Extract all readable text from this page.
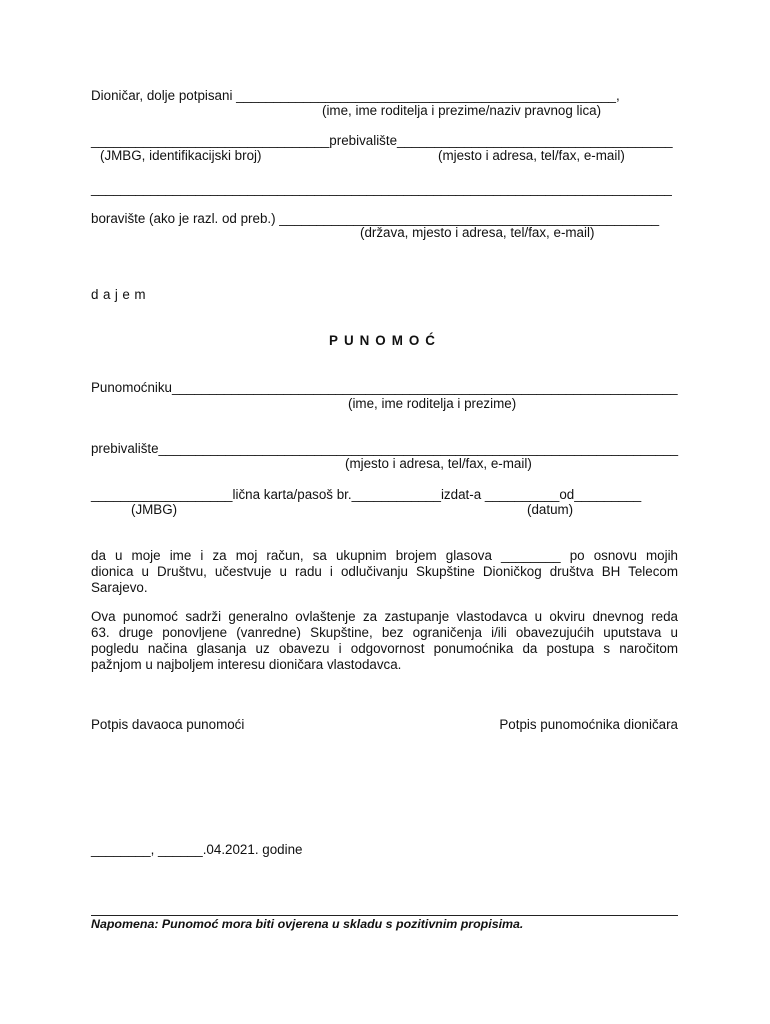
Dioničar, dolje potpisani ___________________________________________________,
(ime, ime roditelja i prezime/naziv pravnog lica)
________________________________prebivalište_____________________________________
(JMBG, identifikacijski broj)	(mjesto i adresa, tel/fax, e-mail)
______________________________________________________________________________
boravište (ako je razl. od preb.) ___________________________________________________
(država, mjesto i adresa, tel/fax, e-mail)
dajem
PUNOMOĆ
Punomoćniku____________________________________________________________________
(ime, ime roditelja i prezime)
prebivalište______________________________________________________________________
(mjesto i adresa, tel/fax, e-mail)
___________________lična karta/pasoš br.____________izdat-a __________od_________
(JMBG)	(datum)
da u moje ime i za moj račun, sa ukupnim brojem glasova ________ po osnovu mojih
dionica u Društvu, učestvuje u radu i odlučivanju Skupštine Dioničkog društva BH Telecom
Sarajevo.
Ova punomoć sadrži generalno ovlaštenje za zastupanje vlastodavca u okviru dnevnog reda
63. druge ponovljene (vanredne) Skupštine, bez ograničenja i/ili obavezujućih uputstava u
pogledu načina glasanja uz obavezu i odgovornost ponumoćnika da postupa s naročitom
pažnjom u najboljem interesu dioničara vlastodavca.
Potpis davaoca punomoći	Potpis punomoćnika dioničara
________, ______.04.2021. godine
Napomena: Punomoć mora biti ovjerena u skladu s pozitivnim propisima.
